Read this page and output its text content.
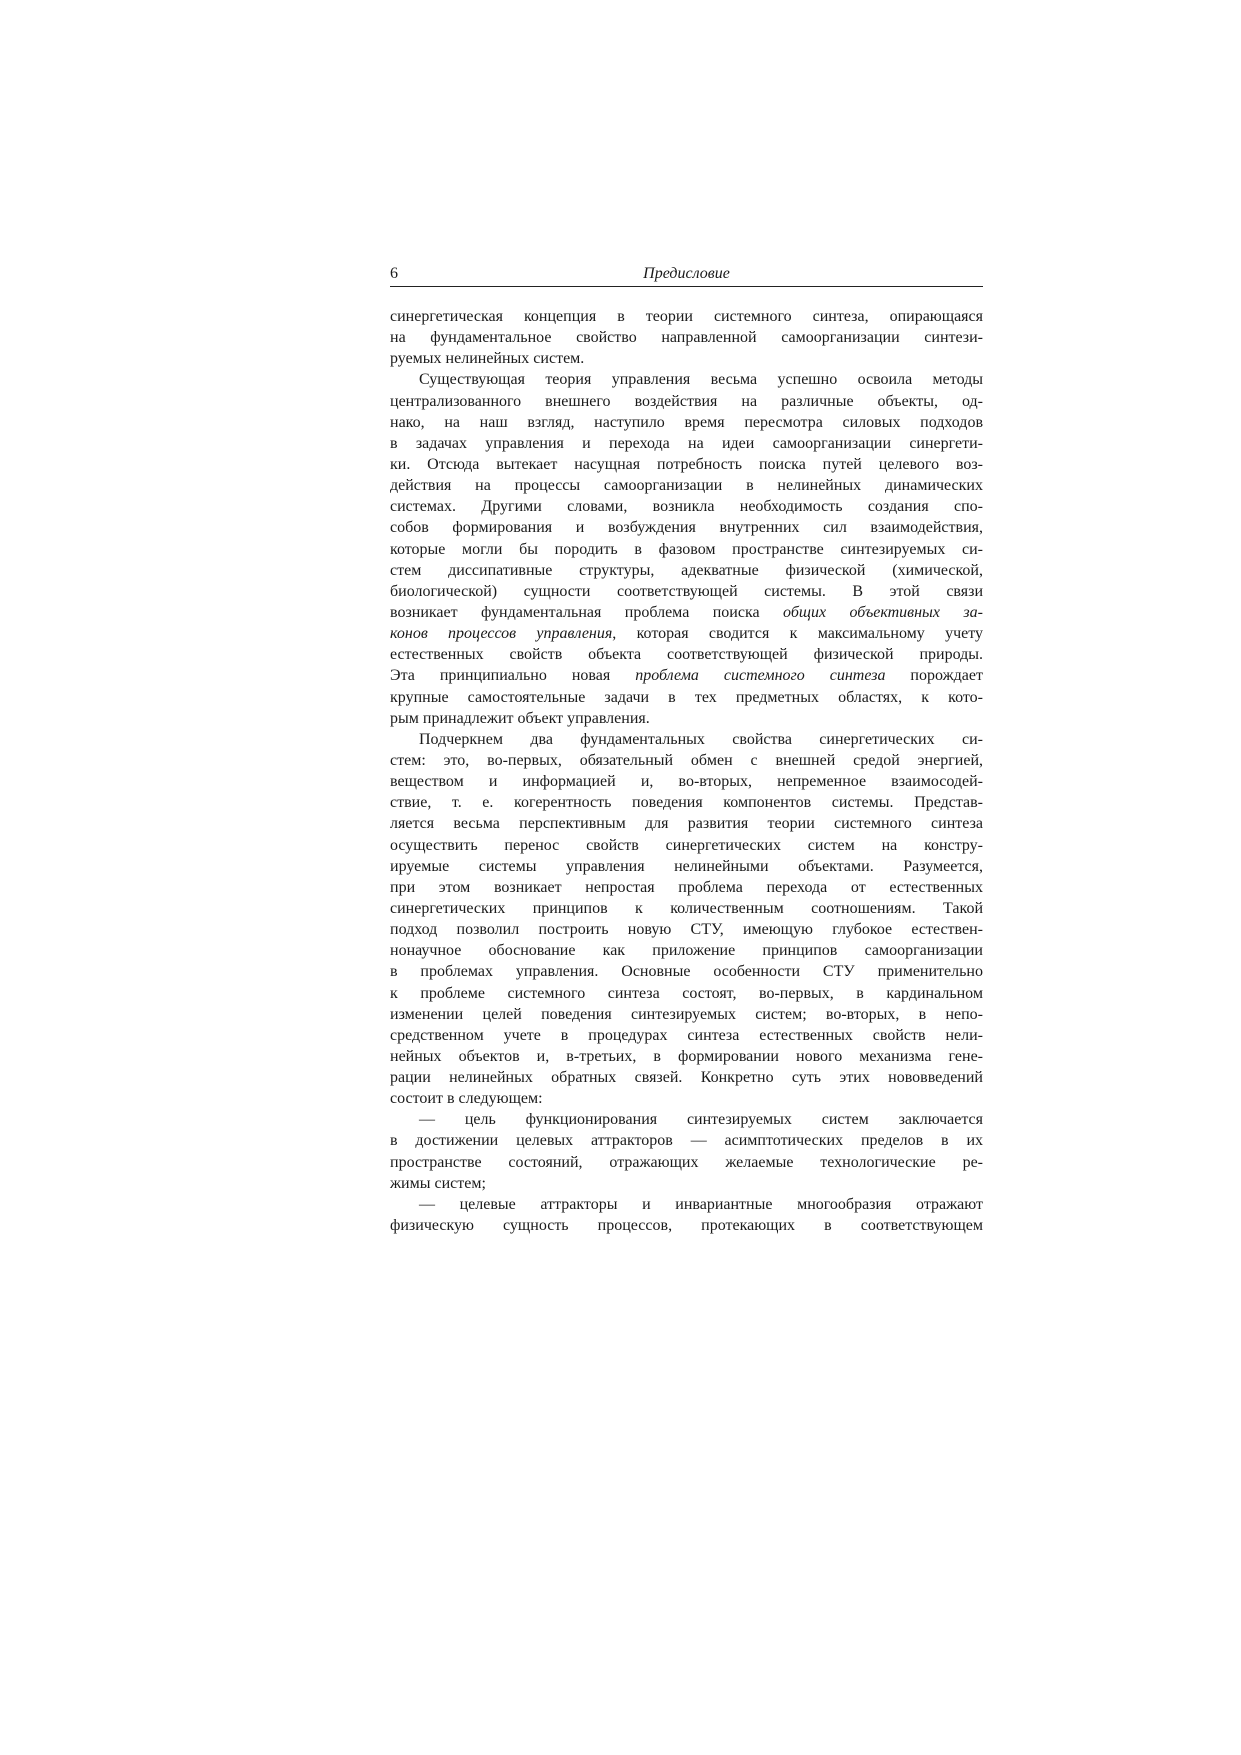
6	Предисловие
синергетическая концепция в теории системного синтеза, опирающаяся
на фундаментальное свойство направленной самоорганизации синтези-
руемых нелинейных систем.
Существующая теория управления весьма успешно освоила методы
централизованного внешнего воздействия на различные объекты, од-
нако, на наш взгляд, наступило время пересмотра силовых подходов
в задачах управления и перехода на идеи самоорганизации синергети-
ки. Отсюда вытекает насущная потребность поиска путей целевого воз-
действия на процессы самоорганизации в нелинейных динамических
системах. Другими словами, возникла необходимость создания спо-
собов формирования и возбуждения внутренних сил взаимодействия,
которые могли бы породить в фазовом пространстве синтезируемых си-
стем диссипативные структуры, адекватные физической (химической,
биологической) сущности соответствующей системы. В этой связи
возникает фундаментальная проблема поиска общих объективных за-
конов процессов управления, которая сводится к максимальному учету
естественных свойств объекта соответствующей физической природы.
Эта принципиально новая проблема системного синтеза порождает
крупные самостоятельные задачи в тех предметных областях, к кото-
рым принадлежит объект управления.
Подчеркнем два фундаментальных свойства синергетических си-
стем: это, во-первых, обязательный обмен с внешней средой энергией,
веществом и информацией и, во-вторых, непременное взаимосодей-
ствие, т. е. когерентность поведения компонентов системы. Представ-
ляется весьма перспективным для развития теории системного синтеза
осуществить перенос свойств синергетических систем на констру-
ируемые системы управления нелинейными объектами. Разумеется,
при этом возникает непростая проблема перехода от естественных
синергетических принципов к количественным соотношениям. Такой
подход позволил построить новую СТУ, имеющую глубокое естествен-
нонаучное обоснование как приложение принципов самоорганизации
в проблемах управления. Основные особенности СТУ применительно
к проблеме системного синтеза состоят, во-первых, в кардинальном
изменении целей поведения синтезируемых систем; во-вторых, в непо-
средственном учете в процедурах синтеза естественных свойств нели-
нейных объектов и, в-третьих, в формировании нового механизма гене-
рации нелинейных обратных связей. Конкретно суть этих нововведений
состоит в следующем:
— цель функционирования синтезируемых систем заключается
в достижении целевых аттракторов — асимптотических пределов в их
пространстве состояний, отражающих желаемые технологические ре-
жимы систем;
— целевые аттракторы и инвариантные многообразия отражают
физическую сущность процессов, протекающих в соответствующем
